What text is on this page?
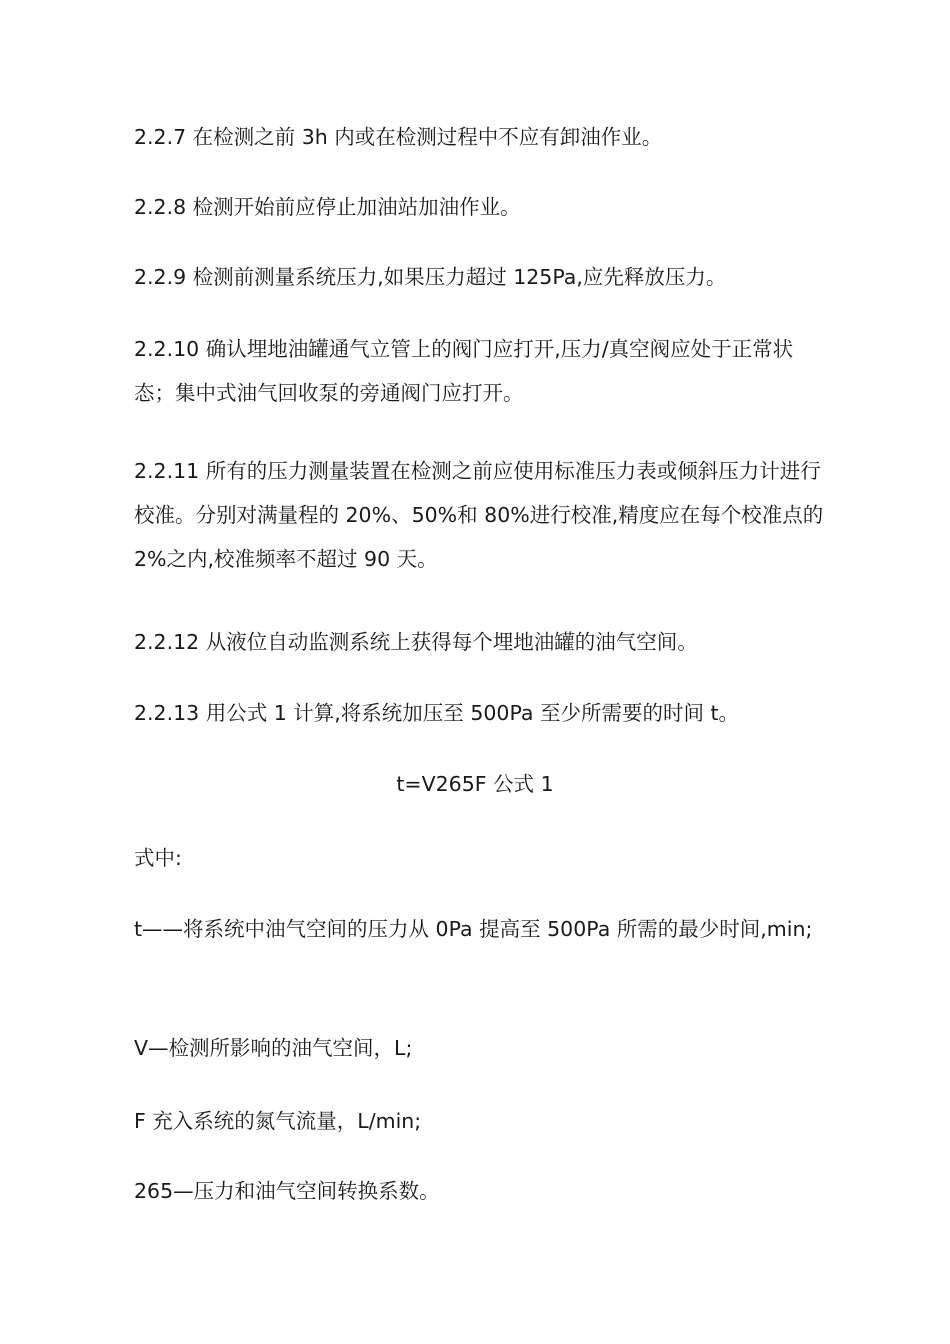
2.2.7 在检测之前 3h 内或在检测过程中不应有卸油作业。

2.2.8 检测开始前应停止加油站加油作业。

2.2.9 检测前测量系统压力,如果压力超过 125Pa,应先释放压力。

2.2.10 确认埋地油罐通气立管上的阀门应打开,压力/真空阀应处于正常状态；集中式油气回收泵的旁通阀门应打开。

2.2.11 所有的压力测量装置在检测之前应使用标准压力表或倾斜压力计进行校准。分别对满量程的 20%、50%和 80%进行校准,精度应在每个校准点的 2%之内,校准频率不超过 90 天。

2.2.12 从液位自动监测系统上获得每个埋地油罐的油气空间。

2.2.13 用公式 1 计算,将系统加压至 500Pa 至少所需要的时间 t。

t=V265F 公式 1

式中:

t——将系统中油气空间的压力从 0Pa 提高至 500Pa 所需的最少时间,min;

V—检测所影响的油气空间，L;

F 充入系统的氮气流量，L/min;

265—压力和油气空间转换系数。
